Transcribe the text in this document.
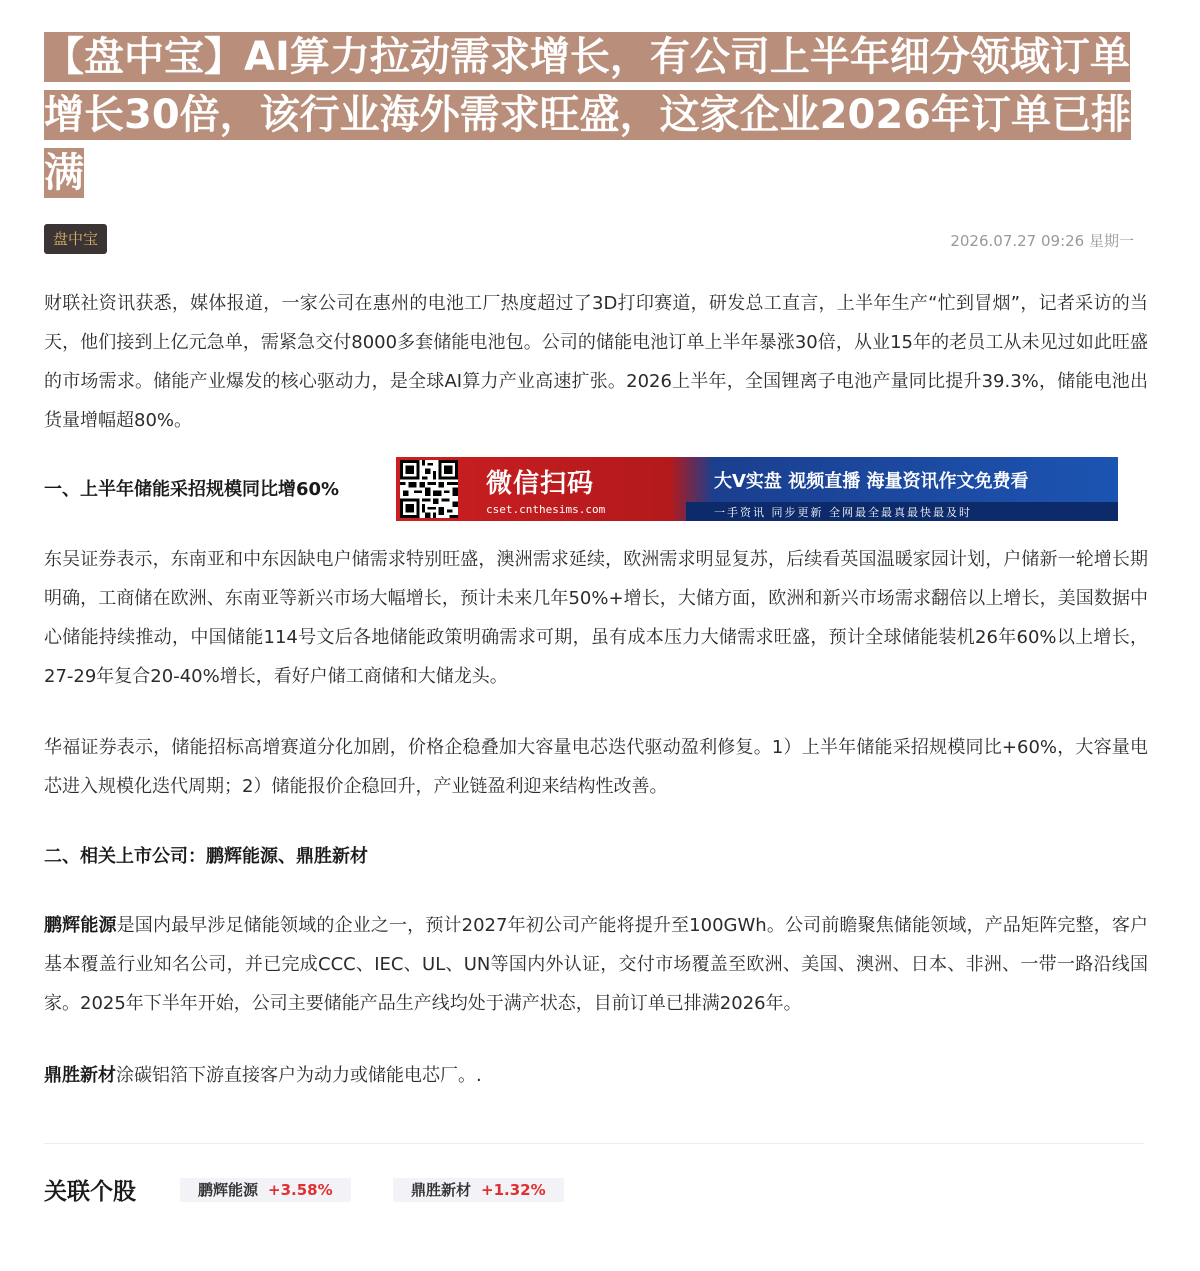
【盘中宝】AI算力拉动需求增长，有公司上半年细分领域订单增长30倍，该行业海外需求旺盛，这家企业2026年订单已排满
盘中宝	2026.07.27 09:26 星期一

财联社资讯获悉，媒体报道，一家公司在惠州的电池工厂热度超过了3D打印赛道，研发总工直言，上半年生产“忙到冒烟”，记者采访的当天，他们接到上亿元急单，需紧急交付8000多套储能电池包。公司的储能电池订单上半年暴涨30倍，从业15年的老员工从未见过如此旺盛的市场需求。储能产业爆发的核心驱动力，是全球AI算力产业高速扩张。2026上半年，全国锂离子电池产量同比提升39.3%，储能电池出货量增幅超80%。

一、上半年储能采招规模同比增60%	微信扫码
cset.cnthesims.com
大V实盘 视频直播 海量资讯作文免费看
一手资讯 同步更新 全网最全最真最快最及时

东吴证券表示，东南亚和中东因缺电户储需求特别旺盛，澳洲需求延续，欧洲需求明显复苏，后续看英国温暖家园计划，户储新一轮增长期明确，工商储在欧洲、东南亚等新兴市场大幅增长，预计未来几年50%+增长，大储方面，欧洲和新兴市场需求翻倍以上增长，美国数据中心储能持续推动，中国储能114号文后各地储能政策明确需求可期，虽有成本压力大储需求旺盛，预计全球储能装机26年60%以上增长，27-29年复合20-40%增长，看好户储工商储和大储龙头。

华福证券表示，储能招标高增赛道分化加剧，价格企稳叠加大容量电芯迭代驱动盈利修复。1）上半年储能采招规模同比+60%，大容量电芯进入规模化迭代周期；2）储能报价企稳回升，产业链盈利迎来结构性改善。

二、相关上市公司：鹏辉能源、鼎胜新材

鹏辉能源是国内最早涉足储能领域的企业之一，预计2027年初公司产能将提升至100GWh。公司前瞻聚焦储能领域，产品矩阵完整，客户基本覆盖行业知名公司，并已完成CCC、IEC、UL、UN等国内外认证，交付市场覆盖至欧洲、美国、澳洲、日本、非洲、一带一路沿线国家。2025年下半年开始，公司主要储能产品生产线均处于满产状态，目前订单已排满2026年。

鼎胜新材涂碳铝箔下游直接客户为动力或储能电芯厂。.

关联个股	鹏辉能源 +3.58%	鼎胜新材 +1.32%
